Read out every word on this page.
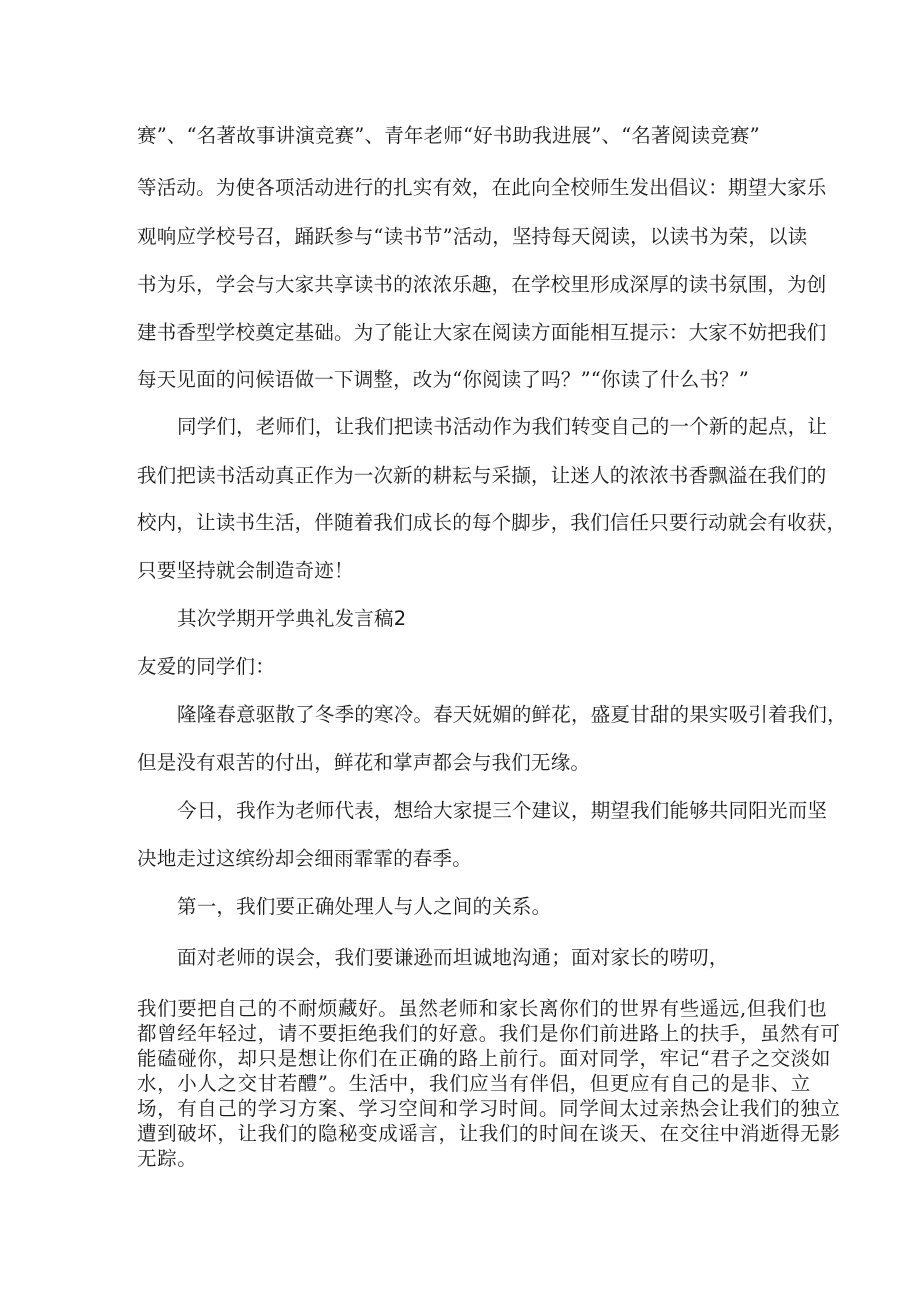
赛”、“名著故事讲演竞赛”、青年老师“好书助我进展”、“名著阅读竞赛”
等活动。为使各项活动进行的扎实有效，在此向全校师生发出倡议：期望大家乐
观响应学校号召，踊跃参与“读书节”活动，坚持每天阅读，以读书为荣，以读
书为乐，学会与大家共享读书的浓浓乐趣，在学校里形成深厚的读书氛围，为创
建书香型学校奠定基础。为了能让大家在阅读方面能相互提示：大家不妨把我们
每天见面的问候语做一下调整，改为“你阅读了吗？”“你读了什么书？”
同学们，老师们，让我们把读书活动作为我们转变自己的一个新的起点，让
我们把读书活动真正作为一次新的耕耘与采撷，让迷人的浓浓书香飘溢在我们的
校内，让读书生活，伴随着我们成长的每个脚步，我们信任只要行动就会有收获，
只要坚持就会制造奇迹！
其次学期开学典礼发言稿2
友爱的同学们：
隆隆春意驱散了冬季的寒冷。春天妩媚的鲜花，盛夏甘甜的果实吸引着我们，
但是没有艰苦的付出，鲜花和掌声都会与我们无缘。
今日，我作为老师代表，想给大家提三个建议，期望我们能够共同阳光而坚
决地走过这缤纷却会细雨霏霏的春季。
第一，我们要正确处理人与人之间的关系。
面对老师的误会，我们要谦逊而坦诚地沟通；面对家长的唠叨，
我们要把自己的不耐烦藏好。虽然老师和家长离你们的世界有些遥远,但我们也
都曾经年轻过，请不要拒绝我们的好意。我们是你们前进路上的扶手，虽然有可
能磕碰你，却只是想让你们在正确的路上前行。面对同学，牢记“君子之交淡如
水，小人之交甘若醴”。生活中，我们应当有伴侣，但更应有自己的是非、立
场，有自己的学习方案、学习空间和学习时间。同学间太过亲热会让我们的独立
遭到破坏，让我们的隐秘变成谣言，让我们的时间在谈天、在交往中消逝得无影
无踪。
